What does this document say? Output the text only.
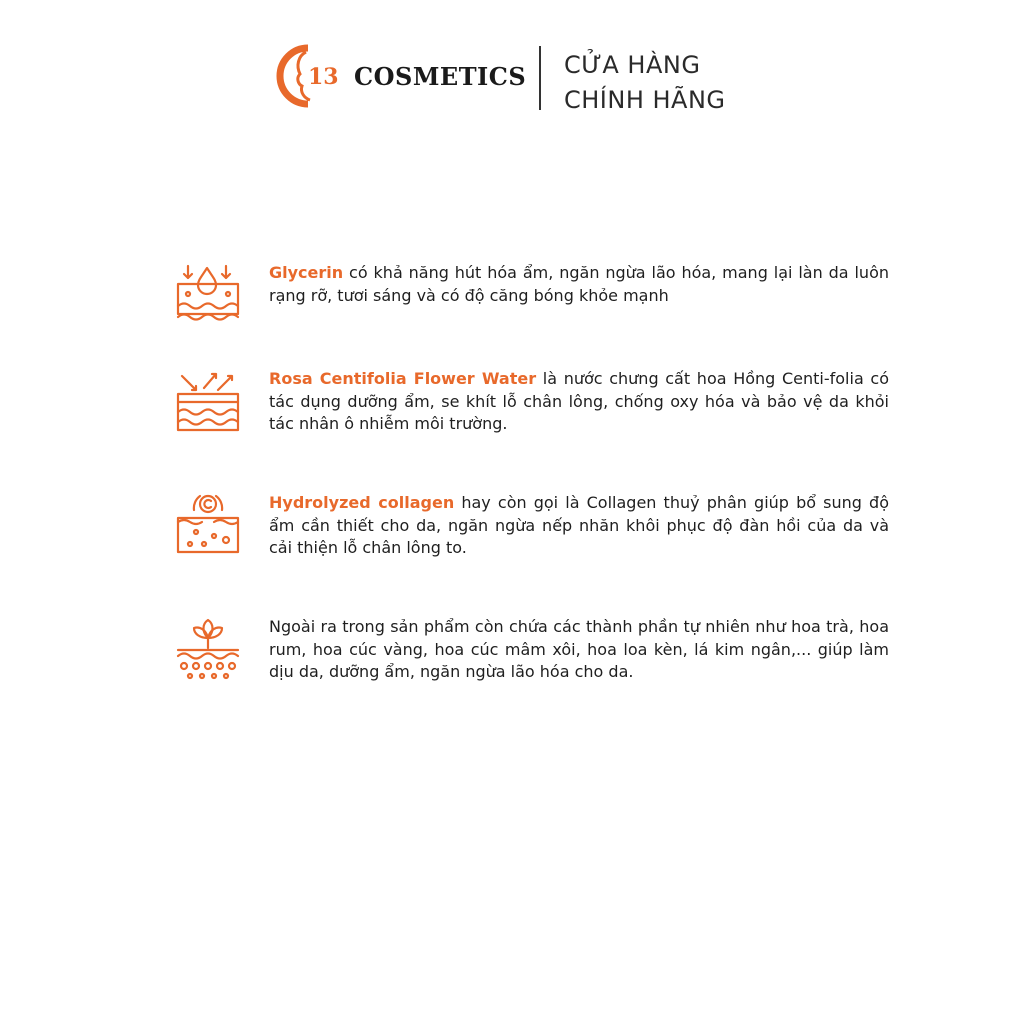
13 COSMETICS CỬA HÀNG
CHÍNH HÃNG
Glycerin có khả năng hút hóa ẩm, ngăn ngừa lão hóa, mang lại làn da luôn rạng rỡ, tươi sáng và có độ căng bóng khỏe mạnh
Rosa Centifolia Flower Water là nước chưng cất hoa Hồng Centi-folia có tác dụng dưỡng ẩm, se khít lỗ chân lông, chống oxy hóa và bảo vệ da khỏi tác nhân ô nhiễm môi trường.
Hydrolyzed collagen hay còn gọi là Collagen thuỷ phân giúp bổ sung độ ẩm cần thiết cho da, ngăn ngừa nếp nhăn khôi phục độ đàn hồi của da và cải thiện lỗ chân lông to.
Ngoài ra trong sản phẩm còn chứa các thành phần tự nhiên như hoa trà, hoa rum, hoa cúc vàng, hoa cúc mâm xôi, hoa loa kèn, lá kim ngân,... giúp làm dịu da, dưỡng ẩm, ngăn ngừa lão hóa cho da.
